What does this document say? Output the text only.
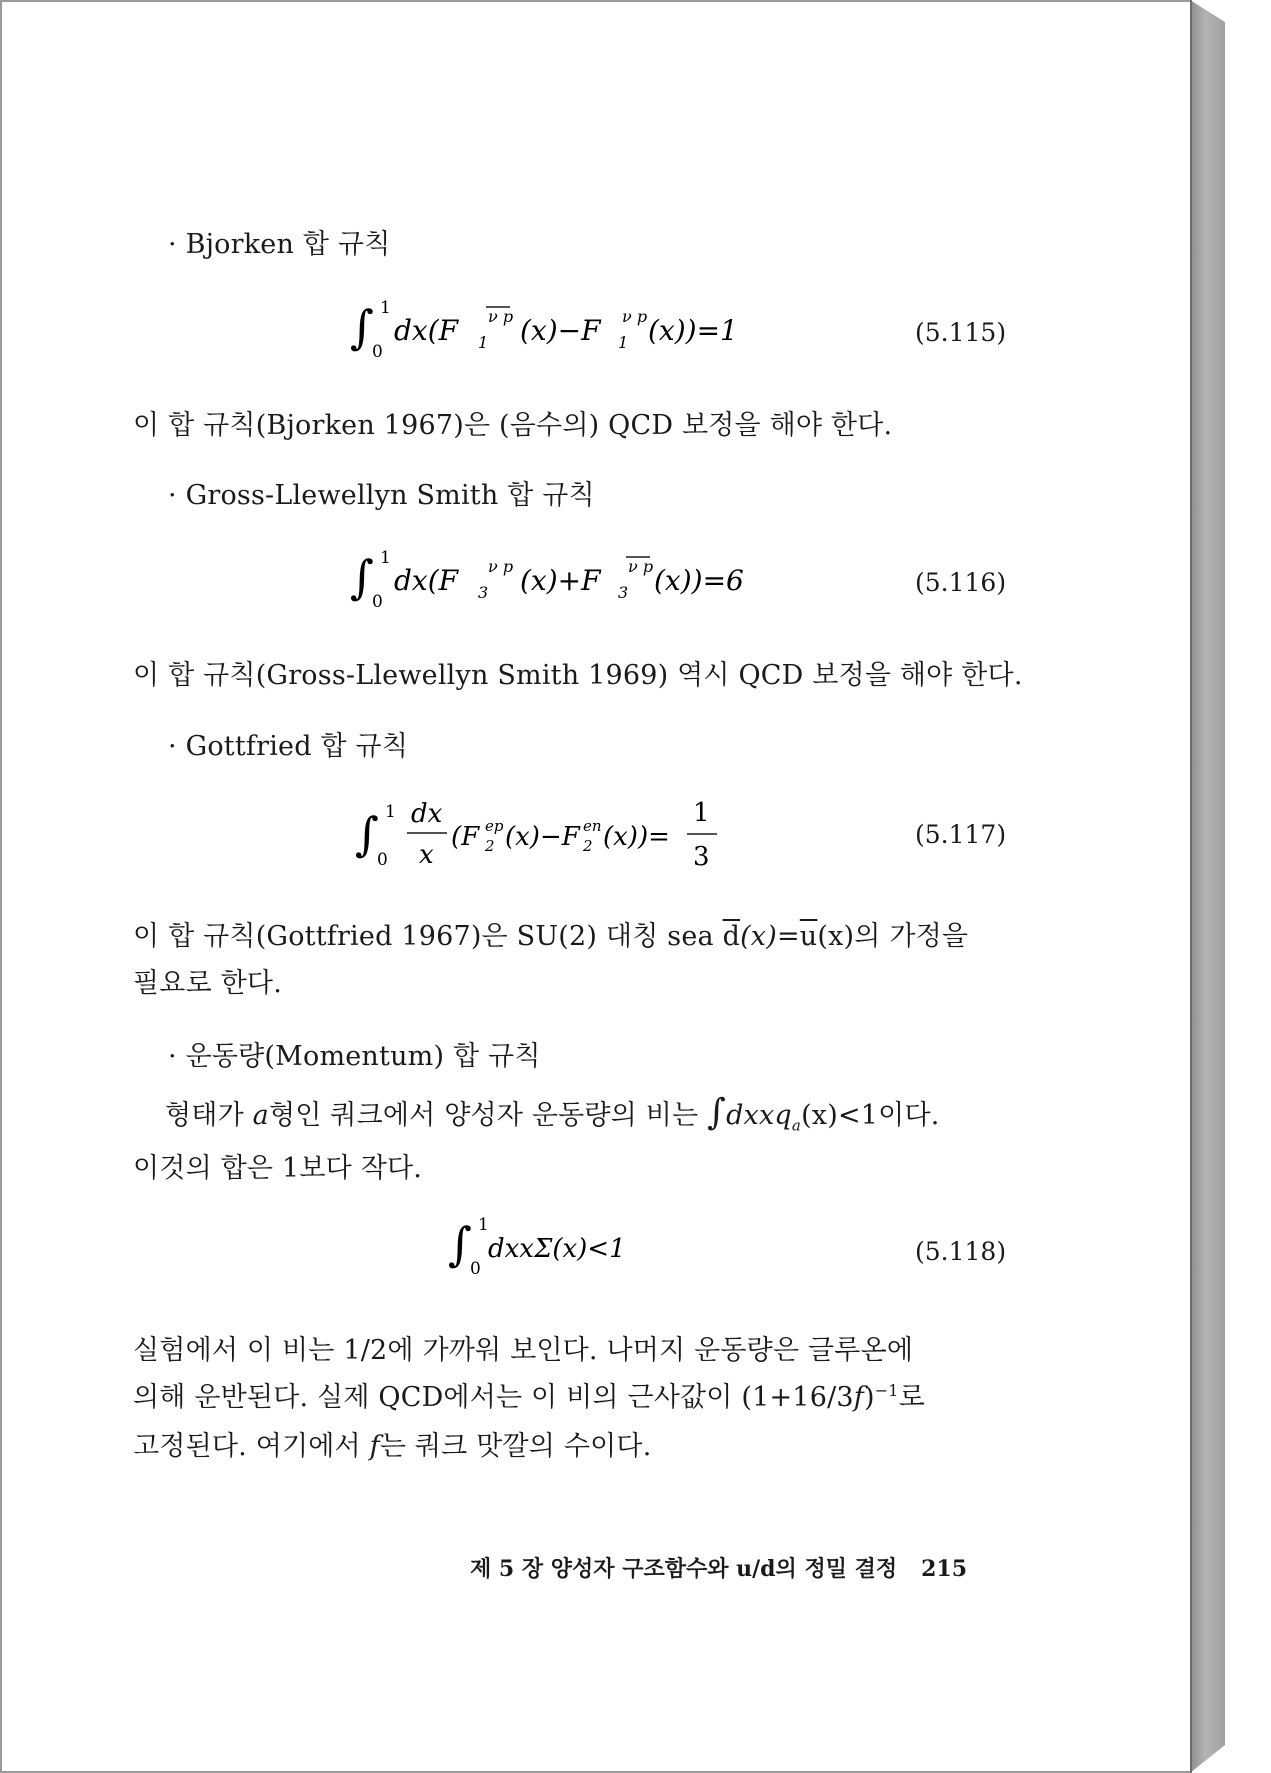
· Bjorken 합 규칙
∫ 1
0
dx(F 1
ν p (x)−F 1
ν p (x))=1	(5.115)
이 합 규칙(Bjorken 1967)은 (음수의) QCD 보정을 해야 한다.
· Gross-Llewellyn Smith 합 규칙
∫ 1
0
dx(F 3
ν p (x)+F 3
ν p (x))=6	(5.116)
이 합 규칙(Gross-Llewellyn Smith 1969) 역시 QCD 보정을 해야 한다.
· Gottfried 합 규칙
∫ 1
0
dx
x
(F 2
ep (x)−F 2
en (x))=
1
3
(5.117)
이 합 규칙(Gottfried 1967)은 SU(2) 대칭 sea $\overline{d}(x)=\overline{u}(x)$의 가정을
필요로 한다.
· 운동량(Momentum) 합 규칙
형태가 a형인 쿼크에서 양성자 운동량의 비는 ∫dxxq$_a$(x)<1이다.
이것의 합은 1보다 작다.
∫ 1
0
dxxΣ(x)<1	(5.118)
실험에서 이 비는 1/2에 가까워 보인다. 나머지 운동량은 글루온에
의해 운반된다. 실제 QCD에서는 이 비의 근사값이 $(1+16/3f)^{-1}$로
고정된다. 여기에서 f는 쿼크 맛깔의 수이다.
제 5 장 양성자 구조함수와 u/d의 정밀 결정 215
